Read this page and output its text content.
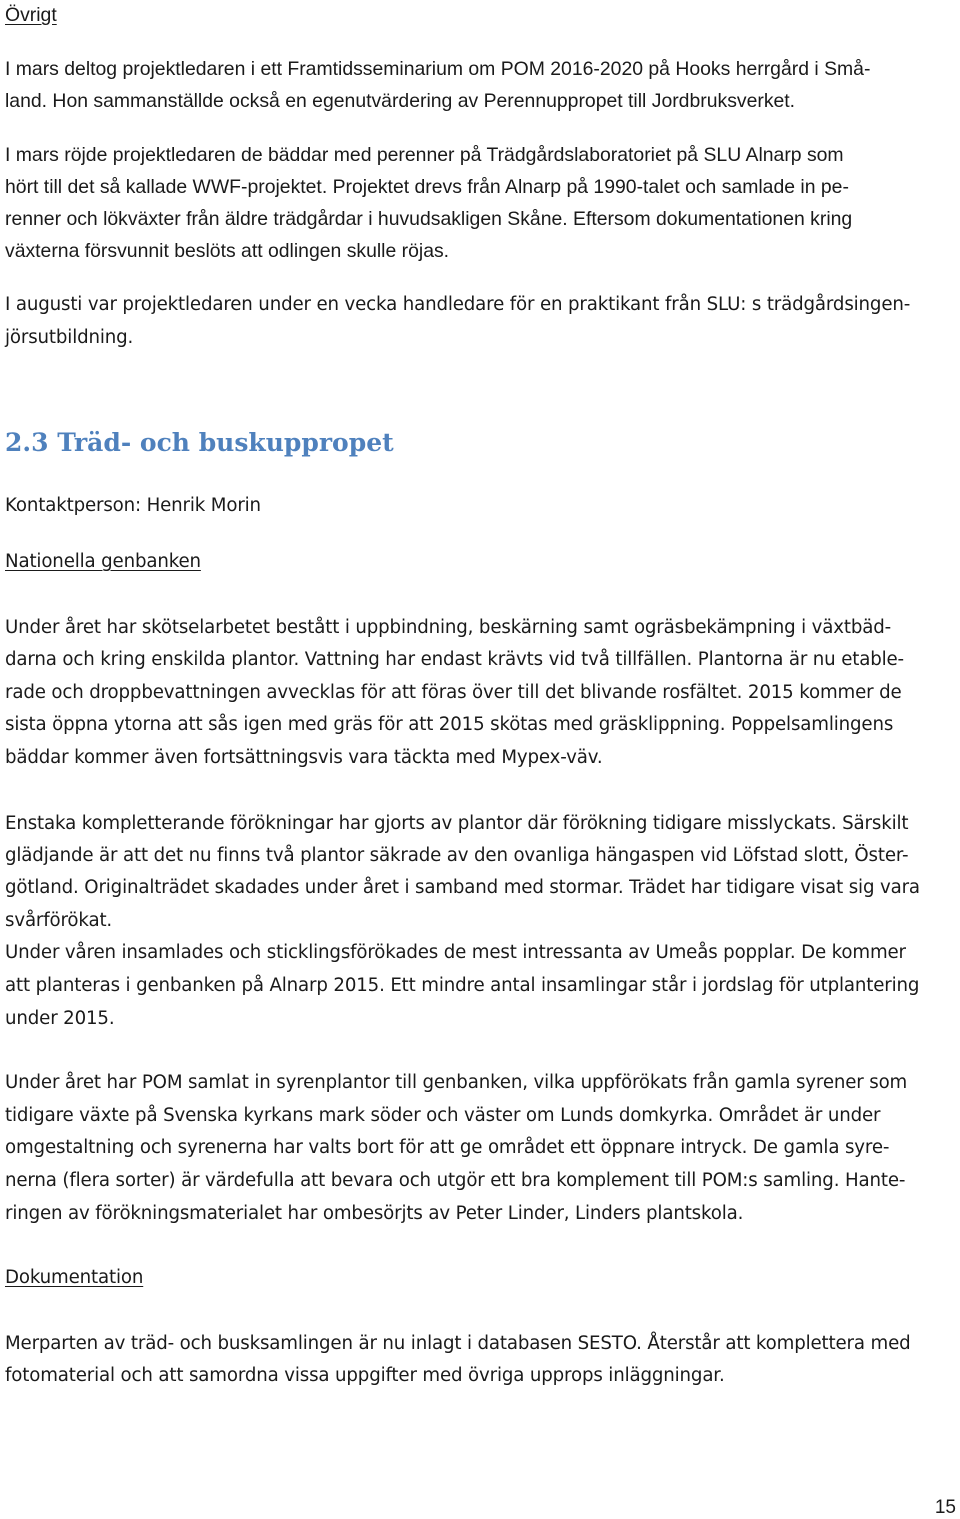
Övrigt
I mars deltog projektledaren i ett Framtidsseminarium om POM 2016-2020 på Hooks herrgård i Små-
land. Hon sammanställde också en egenutvärdering av Perennuppropet till Jordbruksverket.
I mars röjde projektledaren de bäddar med perenner på Trädgårdslaboratoriet på SLU Alnarp som
hört till det så kallade WWF-projektet. Projektet drevs från Alnarp på 1990-talet och samlade in pe-
renner och lökväxter från äldre trädgårdar i huvudsakligen Skåne. Eftersom dokumentationen kring
växterna försvunnit beslöts att odlingen skulle röjas.
I augusti var projektledaren under en vecka handledare för en praktikant från SLU: s trädgårdsingen-
jörsutbildning.
2.3 Träd- och buskuppropet
Kontaktperson: Henrik Morin
Nationella genbanken
Under året har skötselarbetet bestått i uppbindning, beskärning samt ogräsbekämpning i växtbäd-
darna och kring enskilda plantor. Vattning har endast krävts vid två tillfällen. Plantorna är nu etable-
rade och droppbevattningen avvecklas för att föras över till det blivande rosfältet. 2015 kommer de
sista öppna ytorna att sås igen med gräs för att 2015 skötas med gräsklippning. Poppelsamlingens
bäddar kommer även fortsättningsvis vara täckta med Mypex-väv.
Enstaka kompletterande förökningar har gjorts av plantor där förökning tidigare misslyckats. Särskilt
glädjande är att det nu finns två plantor säkrade av den ovanliga hängaspen vid Löfstad slott, Öster-
götland. Originalträdet skadades under året i samband med stormar. Trädet har tidigare visat sig vara
svårförökat.
Under våren insamlades och sticklingsförökades de mest intressanta av Umeås popplar. De kommer
att planteras i genbanken på Alnarp 2015. Ett mindre antal insamlingar står i jordslag för utplantering
under 2015.
Under året har POM samlat in syrenplantor till genbanken, vilka uppförökats från gamla syrener som
tidigare växte på Svenska kyrkans mark söder och väster om Lunds domkyrka. Området är under
omgestaltning och syrenerna har valts bort för att ge området ett öppnare intryck. De gamla syre-
nerna (flera sorter) är värdefulla att bevara och utgör ett bra komplement till POM:s samling. Hante-
ringen av förökningsmaterialet har ombesörjts av Peter Linder, Linders plantskola.
Dokumentation
Merparten av träd- och busksamlingen är nu inlagt i databasen SESTO. Återstår att komplettera med
fotomaterial och att samordna vissa uppgifter med övriga upprops inläggningar.
15
